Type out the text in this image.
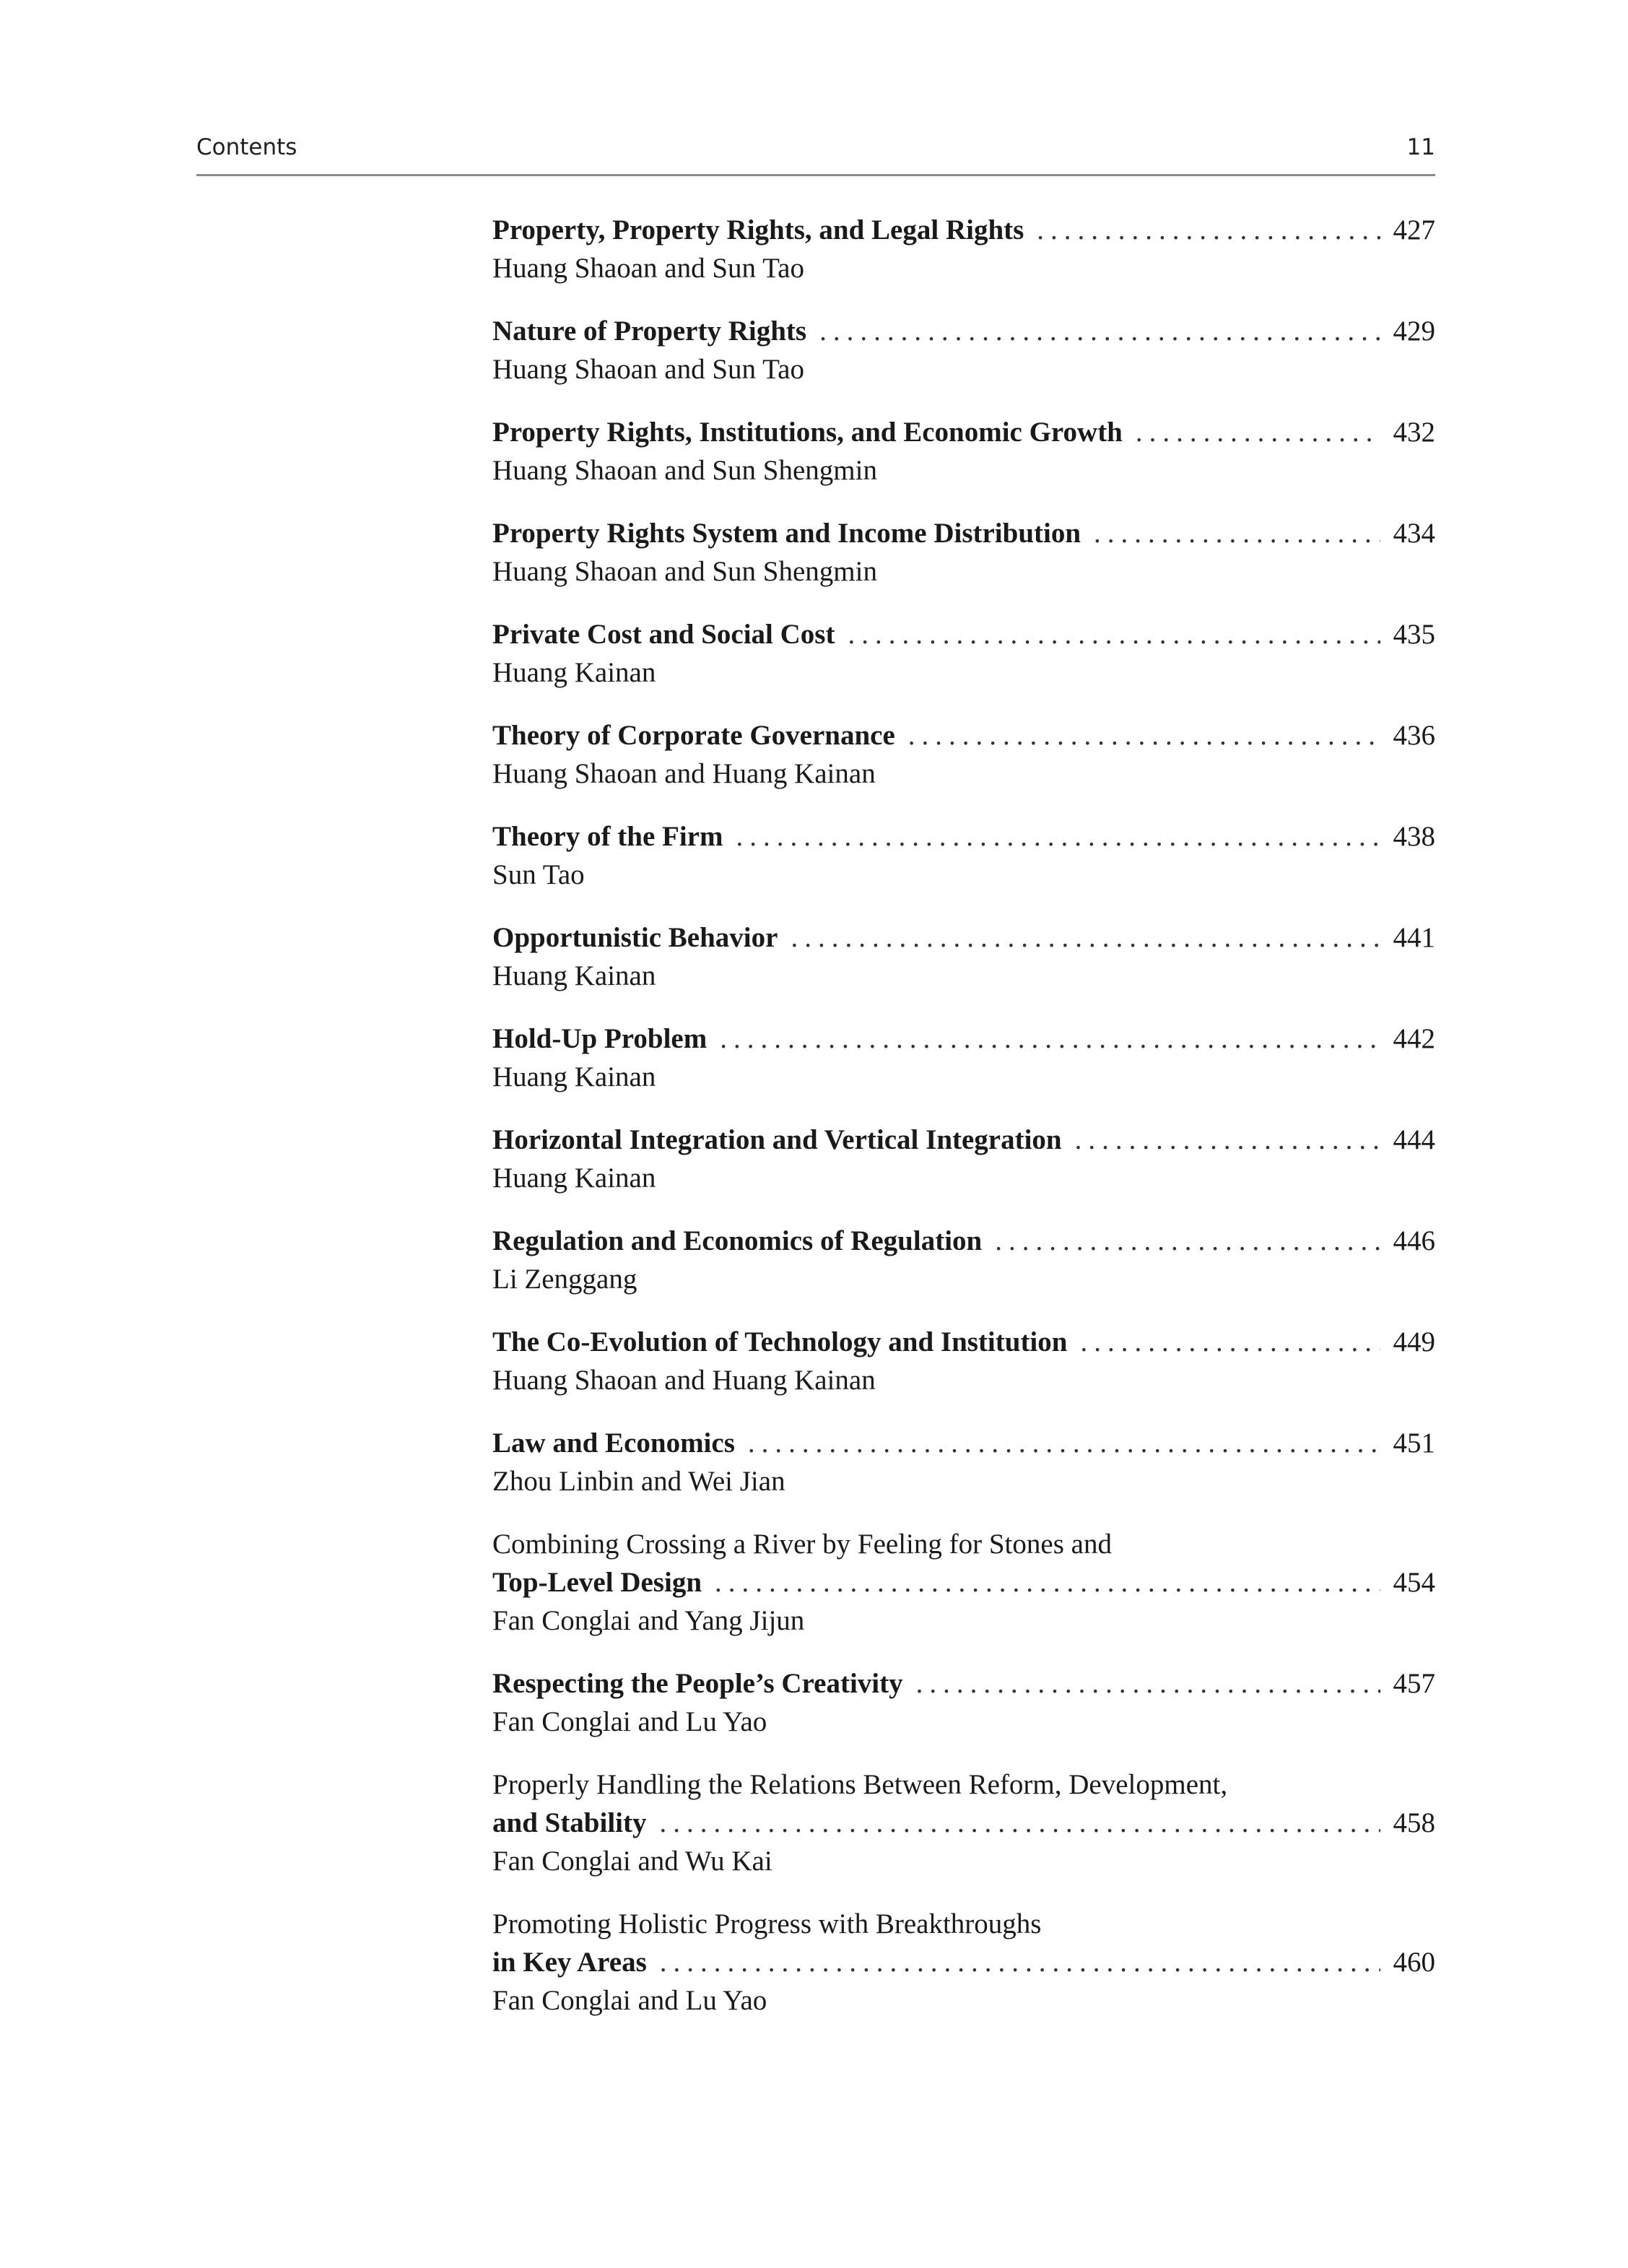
Contents	11
Property, Property Rights, and Legal Rights .....	427
Huang Shaoan and Sun Tao
Nature of Property Rights .....	429
Huang Shaoan and Sun Tao
Property Rights, Institutions, and Economic Growth .....	432
Huang Shaoan and Sun Shengmin
Property Rights System and Income Distribution .....	434
Huang Shaoan and Sun Shengmin
Private Cost and Social Cost .....	435
Huang Kainan
Theory of Corporate Governance .....	436
Huang Shaoan and Huang Kainan
Theory of the Firm .....	438
Sun Tao
Opportunistic Behavior .....	441
Huang Kainan
Hold-Up Problem .....	442
Huang Kainan
Horizontal Integration and Vertical Integration .....	444
Huang Kainan
Regulation and Economics of Regulation .....	446
Li Zenggang
The Co-Evolution of Technology and Institution .....	449
Huang Shaoan and Huang Kainan
Law and Economics .....	451
Zhou Linbin and Wei Jian
Combining Crossing a River by Feeling for Stones and
Top-Level Design .....	454
Fan Conglai and Yang Jijun
Respecting the People’s Creativity .....	457
Fan Conglai and Lu Yao
Properly Handling the Relations Between Reform, Development,
and Stability .....	458
Fan Conglai and Wu Kai
Promoting Holistic Progress with Breakthroughs
in Key Areas .....	460
Fan Conglai and Lu Yao
